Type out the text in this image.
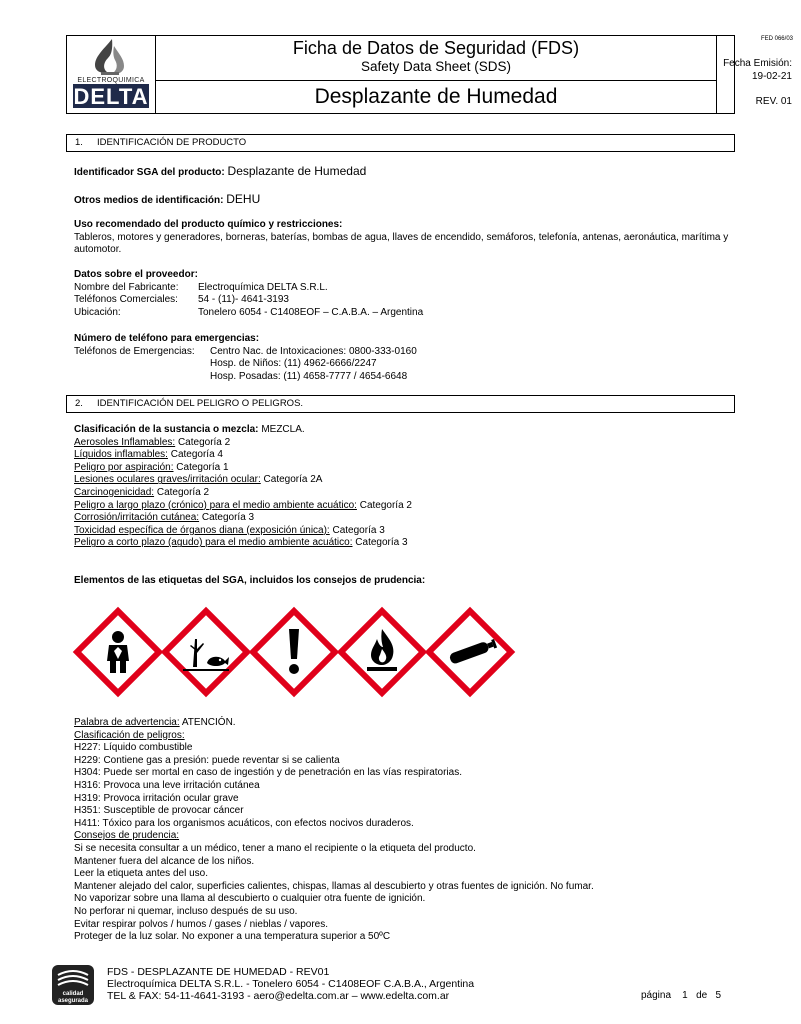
ELECTROQUIMICA
DELTA
Ficha de Datos de Seguridad (FDS)
Safety Data Sheet (SDS)
Desplazante de Humedad
FED 066/03
Fecha Emisión:
19-02-21
REV. 01
1. IDENTIFICACIÓN DE PRODUCTO
Identificador SGA del producto: Desplazante de Humedad
Otros medios de identificación: DEHU
Uso recomendado del producto químico y restricciones:
Tableros, motores y generadores, borneras, baterías, bombas de agua, llaves de encendido, semáforos, telefonía, antenas, aeronáutica, marítima y
automotor.
Datos sobre el proveedor:
Nombre del Fabricante: Electroquímica DELTA S.R.L.
Teléfonos Comerciales: 54 - (11)- 4641-3193
Ubicación:	Tonelero 6054 - C1408EOF – C.A.B.A. – Argentina
Número de teléfono para emergencias:
Teléfonos de Emergencias: Centro Nac. de Intoxicaciones: 0800-333-0160
Hosp. de Niños: (11) 4962-6666/2247
Hosp. Posadas: (11) 4658-7777 / 4654-6648
2. IDENTIFICACIÓN DEL PELIGRO O PELIGROS.
Clasificación de la sustancia o mezcla: MEZCLA.
Aerosoles Inflamables: Categoría 2
Líquidos inflamables: Categoría 4
Peligro por aspiración: Categoría 1
Lesiones oculares graves/irritación ocular: Categoría 2A
Carcinogenicidad: Categoría 2
Peligro a largo plazo (crónico) para el medio ambiente acuático: Categoría 2
Corrosión/irritación cutánea: Categoría 3
Toxicidad específica de órganos diana (exposición única): Categoría 3
Peligro a corto plazo (agudo) para el medio ambiente acuático: Categoría 3
Elementos de las etiquetas del SGA, incluidos los consejos de prudencia:
Palabra de advertencia: ATENCIÓN.
Clasificación de peligros:
H227: Líquido combustible
H229: Contiene gas a presión: puede reventar si se calienta
H304: Puede ser mortal en caso de ingestión y de penetración en las vías respiratorias.
H316: Provoca una leve irritación cutánea
H319: Provoca irritación ocular grave
H351: Susceptible de provocar cáncer
H411: Tóxico para los organismos acuáticos, con efectos nocivos duraderos.
Consejos de prudencia:
Si se necesita consultar a un médico, tener a mano el recipiente o la etiqueta del producto.
Mantener fuera del alcance de los niños.
Leer la etiqueta antes del uso.
Mantener alejado del calor, superficies calientes, chispas, llamas al descubierto y otras fuentes de ignición. No fumar.
No vaporizar sobre una llama al descubierto o cualquier otra fuente de ignición.
No perforar ni quemar, incluso después de su uso.
Evitar respirar polvos / humos / gases / nieblas / vapores.
Proteger de la luz solar. No exponer a una temperatura superior a 50ºC
calidad
asegurada
FDS - DESPLAZANTE DE HUMEDAD - REV01
Electroquímica DELTA S.R.L. - Tonelero 6054 - C1408EOF C.A.B.A., Argentina
TEL & FAX: 54-11-4641-3193 - aero@edelta.com.ar – www.edelta.com.ar	página 1 de 5
